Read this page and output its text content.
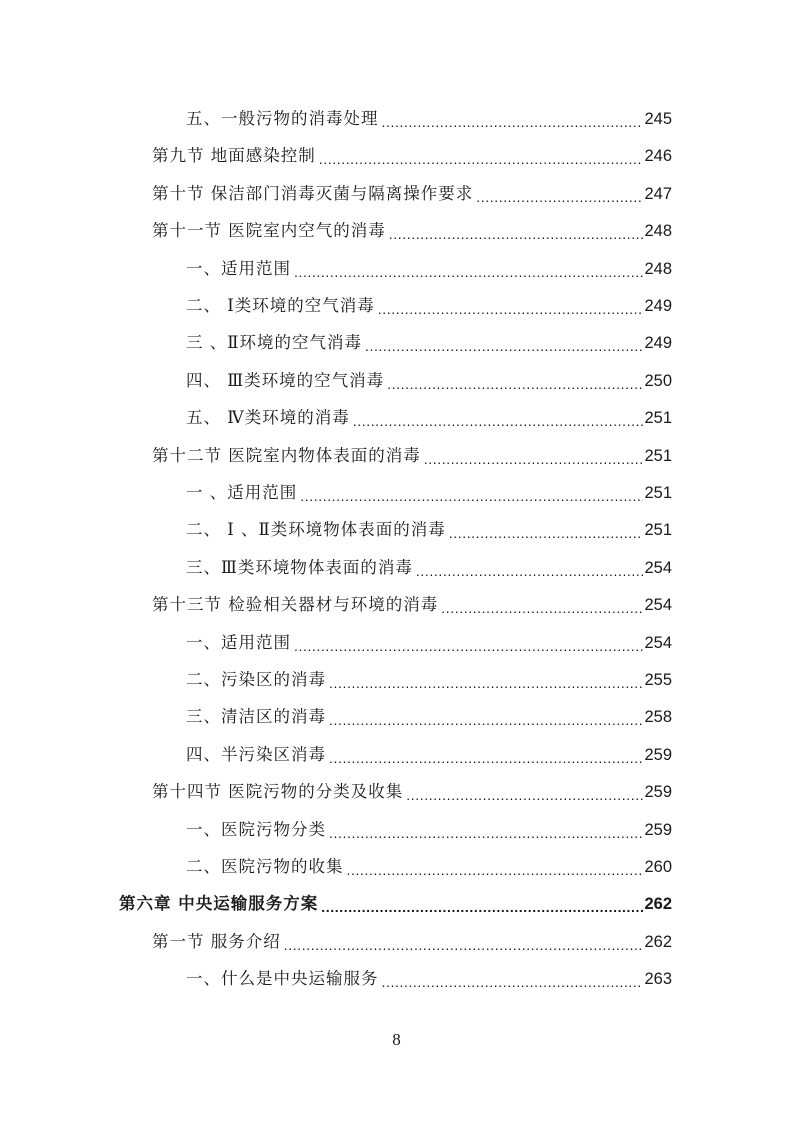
五、一般污物的消毒处理 .....	245
第九节 地面感染控制 .....	246
第十节 保洁部门消毒灭菌与隔离操作要求 .....	247
第十一节 医院室内空气的消毒 .....	248
一、适用范围 .....	248
二、 Ⅰ类环境的空气消毒 .....	249
三 、Ⅱ环境的空气消毒 .....	249
四、 Ⅲ类环境的空气消毒 .....	250
五、 Ⅳ类环境的消毒 .....	251
第十二节 医院室内物体表面的消毒 .....	251
一 、适用范围 .....	251
二、 Ⅰ 、Ⅱ类环境物体表面的消毒 .....	251
三、Ⅲ类环境物体表面的消毒 .....	254
第十三节 检验相关器材与环境的消毒 .....	254
一、适用范围 .....	254
二、污染区的消毒 .....	255
三、清洁区的消毒 .....	258
四、半污染区消毒 .....	259
第十四节 医院污物的分类及收集 .....	259
一、医院污物分类 .....	259
二、医院污物的收集 .....	260
第六章 中央运输服务方案 .....	262
第一节 服务介绍 .....	262
一、什么是中央运输服务 .....	263
8
